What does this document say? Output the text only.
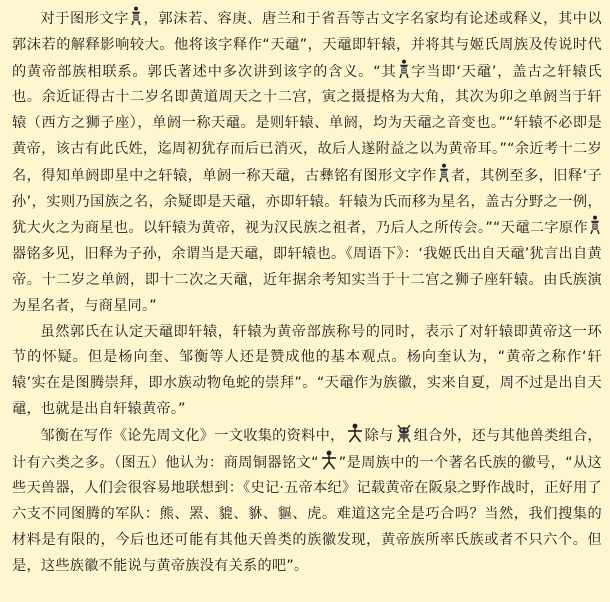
对于图形文字 ，郭沫若、容庚、唐兰和于省吾等古文字名家均有论述或释义，其中以郭沫若的解释影响较大。他将该字释作“天黿”，天黿即轩辕，并将其与姬氏周族及传说时代的黄帝部族相联系。郭氏著述中多次讲到该字的含义。“其 字当即‘天黿’，盖古之轩辕氏也。余近证得古十二岁名即黄道周天之十二宫，寅之摄提格为大角，其次为卯之单阏当于轩辕（西方之狮子座），单阏一称天黿。是则轩辕、单阏，均为天黿之音变也。”“轩辕不必即是黄帝，该古有此氏姓，迄周初犹存而后已消灭，故后人遂附益之以为黄帝耳。”“余近考十二岁名，得知单阏即星中之轩辕，单阏一称天黿，古彝铭有图形文字作 者，其例至多，旧释‘子孙’，实则乃国族之名，余疑即是天黿，亦即轩辕。轩辕为氏而移为星名，盖古分野之一例，犹大火之为商星也。以轩辕为黄帝，视为汉民族之祖者，乃后人之所传会。”“天黿二字原作
器铭多见，旧释为子孙，余谓当是天黿，即轩辕也。《周语下》：‘我姬氏出自天黿’犹言出自黄帝。十二岁之单阏，即十二次之天黿，近年据余考知实当于十二宫之狮子座轩辕。由氏族演为星名者，与商星同。”

虽然郭氏在认定天黿即轩辕，轩辕为黄帝部族称号的同时，表示了对轩辕即黄帝这一环节的怀疑。但是杨向奎、邹衡等人还是赞成他的基本观点。杨向奎认为，“黄帝之称作‘轩辕’实在是图腾崇拜，即水族动物龟蛇的崇拜”。“天黿作为族徽，实来自夏，周不过是出自天黿，也就是出自轩辕黄帝。”

邹衡在写作《论先周文化》一文收集的资料中， 除与 组合外，还与其他兽类组合，计有六类之多。（图五）他认为：商周铜器铭文“ ”是周族中的一个著名氏族的徽号，“从这些天兽器，人们会很容易地联想到：《史记·五帝本纪》记载黄帝在阪泉之野作战时，正好用了六支不同图腾的军队：熊、罴、貔、貅、貙、虎。难道这完全是巧合吗？当然，我们搜集的材料是有限的，今后也还可能有其他天兽类的族徽发现，黄帝族所率氏族或者不只六个。但是，这些族徽不能说与黄帝族没有关系的吧”。
